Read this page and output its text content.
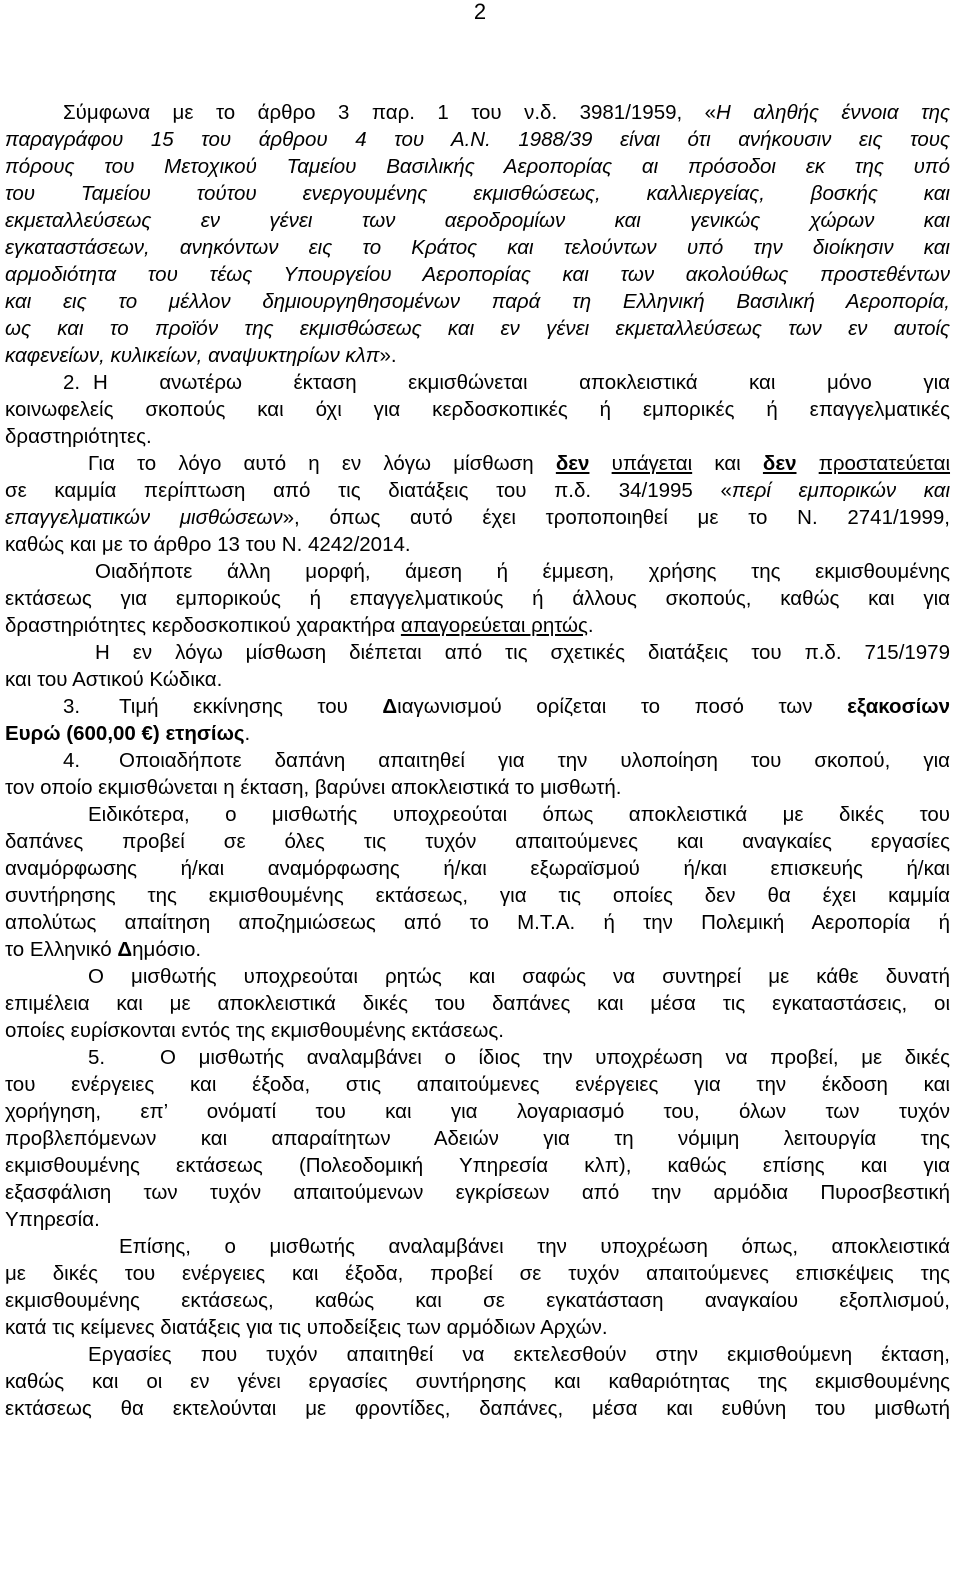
2
Σύμφωνα με το άρθρο 3 παρ. 1 του ν.δ. 3981/1959, «Η αληθής έννοια της
παραγράφου 15 του άρθρου 4 του Α.Ν. 1988/39 είναι ότι ανήκουσιν εις τους
πόρους του Μετοχικού Ταμείου Βασιλικής Αεροπορίας αι πρόσοδοι εκ της υπό
του Ταμείου τούτου ενεργουμένης εκμισθώσεως, καλλιεργείας, βοσκής και
εκμεταλλεύσεως εν γένει των αεροδρομίων και γενικώς χώρων και
εγκαταστάσεων, ανηκόντων εις το Κράτος και τελούντων υπό την διοίκησιν και
αρμοδιότητα του τέως Υπουργείου Αεροπορίας και των ακολούθως προστεθέντων
και εις το μέλλον δημιουργηθησομένων παρά τη Ελληνική Βασιλική Αεροπορία,
ως και το προϊόν της εκμισθώσεως και εν γένει εκμεταλλεύσεως των εν αυτοίς
καφενείων, κυλικείων, αναψυκτηρίων κλπ».
2. Η ανωτέρω έκταση εκμισθώνεται αποκλειστικά και μόνο για
κοινωφελείς σκοπούς και όχι για κερδοσκοπικές ή εμπορικές ή επαγγελματικές
δραστηριότητες.
Για το λόγο αυτό η εν λόγω μίσθωση δεν υπάγεται και δεν προστατεύεται
σε καμμία περίπτωση από τις διατάξεις του π.δ. 34/1995 «περί εμπορικών και
επαγγελματικών μισθώσεων», όπως αυτό έχει τροποποιηθεί με το Ν. 2741/1999,
καθώς και με το άρθρο 13 του Ν. 4242/2014.
Οιαδήποτε άλλη μορφή, άμεση ή έμμεση, χρήσης της εκμισθουμένης
εκτάσεως για εμπορικούς ή επαγγελματικούς ή άλλους σκοπούς, καθώς και για
δραστηριότητες κερδοσκοπικού χαρακτήρα απαγορεύεται ρητώς.
Η εν λόγω μίσθωση διέπεται από τις σχετικές διατάξεις του π.δ. 715/1979
και του Αστικού Κώδικα.
3. Τιμή εκκίνησης του Διαγωνισμού ορίζεται το ποσό των εξακοσίων
Ευρώ (600,00 €) ετησίως.
4. Οποιαδήποτε δαπάνη απαιτηθεί για την υλοποίηση του σκοπού, για
τον οποίο εκμισθώνεται η έκταση, βαρύνει αποκλειστικά το μισθωτή.
Ειδικότερα, ο μισθωτής υποχρεούται όπως αποκλειστικά με δικές του
δαπάνες προβεί σε όλες τις τυχόν απαιτούμενες και αναγκαίες εργασίες
αναμόρφωσης ή/και αναμόρφωσης ή/και εξωραϊσμού ή/και επισκευής ή/και
συντήρησης της εκμισθουμένης εκτάσεως, για τις οποίες δεν θα έχει καμμία
απολύτως απαίτηση αποζημιώσεως από το Μ.Τ.Α. ή την Πολεμική Αεροπορία ή
το Ελληνικό Δημόσιο.
Ο μισθωτής υποχρεούται ρητώς και σαφώς να συντηρεί με κάθε δυνατή
επιμέλεια και με αποκλειστικά δικές του δαπάνες και μέσα τις εγκαταστάσεις, οι
οποίες ευρίσκονται εντός της εκμισθουμένης εκτάσεως.
5.	Ο μισθωτής αναλαμβάνει ο ίδιος την υποχρέωση να προβεί, με δικές
του ενέργειες και έξοδα, στις απαιτούμενες ενέργειες για την έκδοση και
χορήγηση, επ’ ονόματί του και για λογαριασμό του, όλων των τυχόν
προβλεπόμενων και απαραίτητων Αδειών για τη νόμιμη λειτουργία της
εκμισθουμένης εκτάσεως (Πολεοδομική Υπηρεσία κλπ), καθώς επίσης και για
εξασφάλιση των τυχόν απαιτούμενων εγκρίσεων από την αρμόδια Πυροσβεστική
Υπηρεσία.
Επίσης, ο μισθωτής αναλαμβάνει την υποχρέωση όπως, αποκλειστικά
με δικές του ενέργειες και έξοδα, προβεί σε τυχόν απαιτούμενες επισκέψεις της
εκμισθουμένης εκτάσεως, καθώς και σε εγκατάσταση αναγκαίου εξοπλισμού,
κατά τις κείμενες διατάξεις για τις υποδείξεις των αρμόδιων Αρχών.
Εργασίες που τυχόν απαιτηθεί να εκτελεσθούν στην εκμισθούμενη έκταση,
καθώς και οι εν γένει εργασίες συντήρησης και καθαριότητας της εκμισθουμένης
εκτάσεως θα εκτελούνται με φροντίδες, δαπάνες, μέσα και ευθύνη του μισθωτή
